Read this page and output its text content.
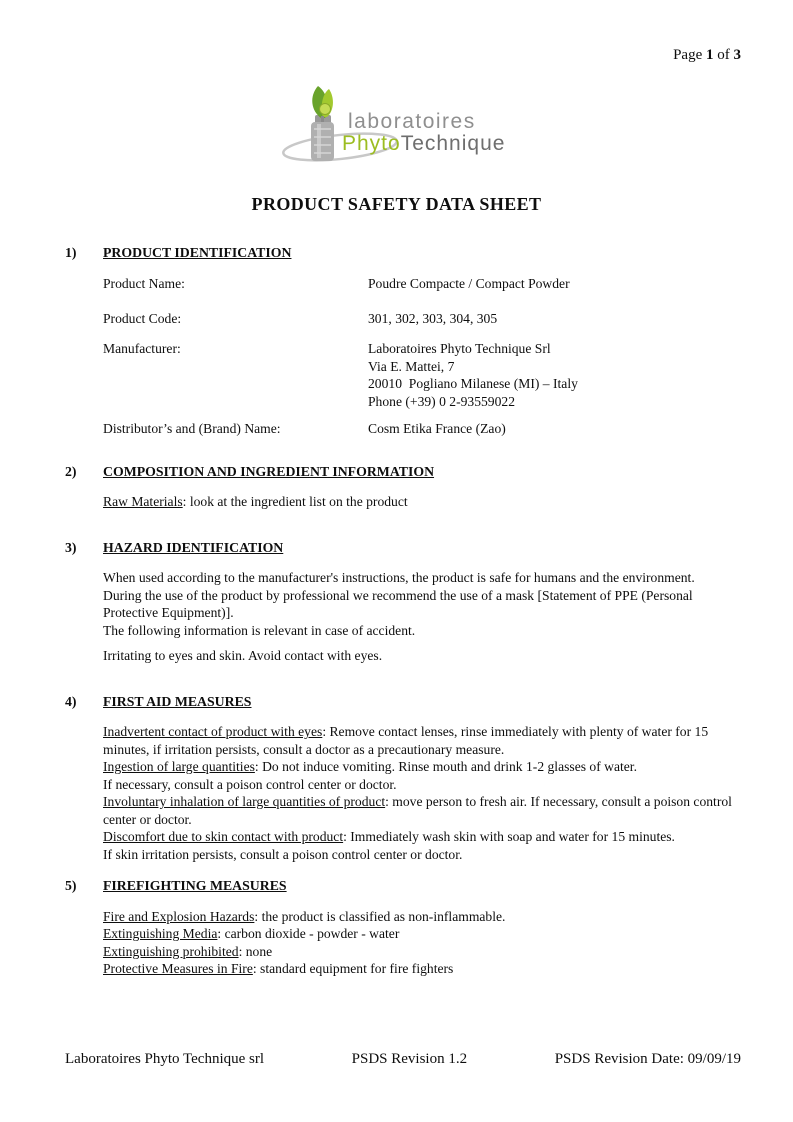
Page 1 of 3
laboratoires
PhytoTechnique
PRODUCT SAFETY DATA SHEET
1)	PRODUCT IDENTIFICATION
Product Name:	Poudre Compacte / Compact Powder
Product Code:	301, 302, 303, 304, 305
Manufacturer:	Laboratoires Phyto Technique Srl
Via E. Mattei, 7
20010  Pogliano Milanese (MI) – Italy
Phone (+39) 0 2-93559022
Distributor’s and (Brand) Name:	Cosm Etika France (Zao)
2)	COMPOSITION AND INGREDIENT INFORMATION
Raw Materials: look at the ingredient list on the product
3)	HAZARD IDENTIFICATION
When used according to the manufacturer's instructions, the product is safe for humans and the environment.
During the use of the product by professional we recommend the use of a mask [Statement of PPE (Personal Protective Equipment)].
The following information is relevant in case of accident.
Irritating to eyes and skin. Avoid contact with eyes.
4)	FIRST AID MEASURES
Inadvertent contact of product with eyes: Remove contact lenses, rinse immediately with plenty of water for 15 minutes, if irritation persists, consult a doctor as a precautionary measure.
Ingestion of large quantities: Do not induce vomiting. Rinse mouth and drink 1-2 glasses of water.
If necessary, consult a poison control center or doctor.
Involuntary inhalation of large quantities of product: move person to fresh air. If necessary, consult a poison control center or doctor.
Discomfort due to skin contact with product: Immediately wash skin with soap and water for 15 minutes.
If skin irritation persists, consult a poison control center or doctor.
5)	FIREFIGHTING MEASURES
Fire and Explosion Hazards: the product is classified as non-inflammable.
Extinguishing Media: carbon dioxide - powder - water
Extinguishing prohibited: none
Protective Measures in Fire: standard equipment for fire fighters
Laboratoires Phyto Technique srl	PSDS Revision 1.2	PSDS Revision Date: 09/09/19
